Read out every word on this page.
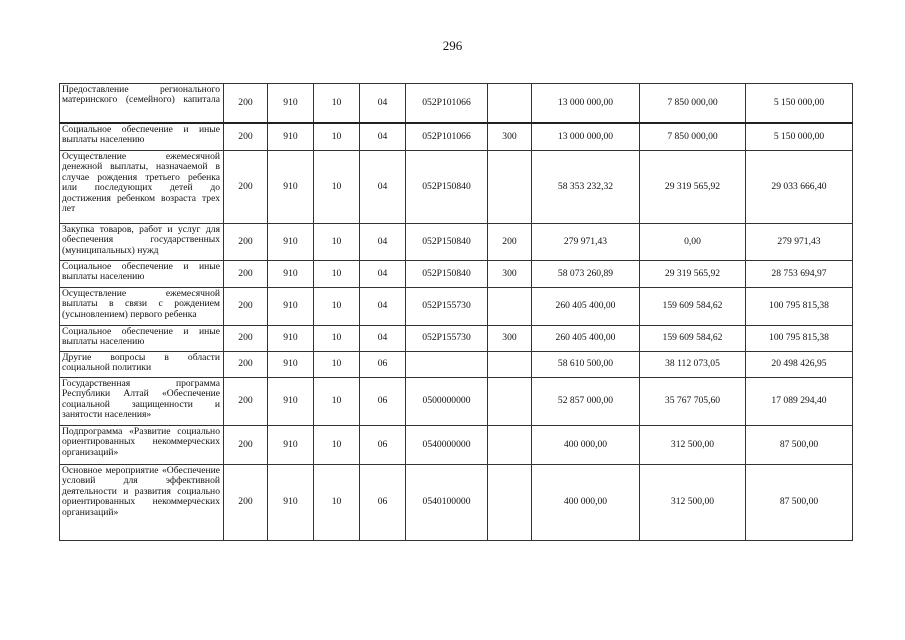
296
Предоставление регионального материнского (семейного) капитала	200	910	10	04	052P101066		13 000 000,00	7 850 000,00	5 150 000,00
Социальное обеспечение и иные выплаты населению	200	910	10	04	052P101066	300	13 000 000,00	7 850 000,00	5 150 000,00
Осуществление ежемесячной денежной выплаты, назначаемой в случае рождения третьего ребенка или последующих детей до достижения ребенком возраста трех лет	200	910	10	04	052P150840		58 353 232,32	29 319 565,92	29 033 666,40
Закупка товаров, работ и услуг для обеспечения государственных (муниципальных) нужд	200	910	10	04	052P150840	200	279 971,43	0,00	279 971,43
Социальное обеспечение и иные выплаты населению	200	910	10	04	052P150840	300	58 073 260,89	29 319 565,92	28 753 694,97
Осуществление ежемесячной выплаты в связи с рождением (усыновлением) первого ребенка	200	910	10	04	052P155730		260 405 400,00	159 609 584,62	100 795 815,38
Социальное обеспечение и иные выплаты населению	200	910	10	04	052P155730	300	260 405 400,00	159 609 584,62	100 795 815,38
Другие вопросы в области социальной политики	200	910	10	06			58 610 500,00	38 112 073,05	20 498 426,95
Государственная программа Республики Алтай «Обеспечение социальной защищенности и занятости населения»	200	910	10	06	0500000000		52 857 000,00	35 767 705,60	17 089 294,40
Подпрограмма «Развитие социально ориентированных некоммерческих организаций»	200	910	10	06	0540000000		400 000,00	312 500,00	87 500,00
Основное мероприятие «Обеспечение условий для эффективной деятельности и развития социально ориентированных некоммерческих организаций»	200	910	10	06	0540100000		400 000,00	312 500,00	87 500,00
